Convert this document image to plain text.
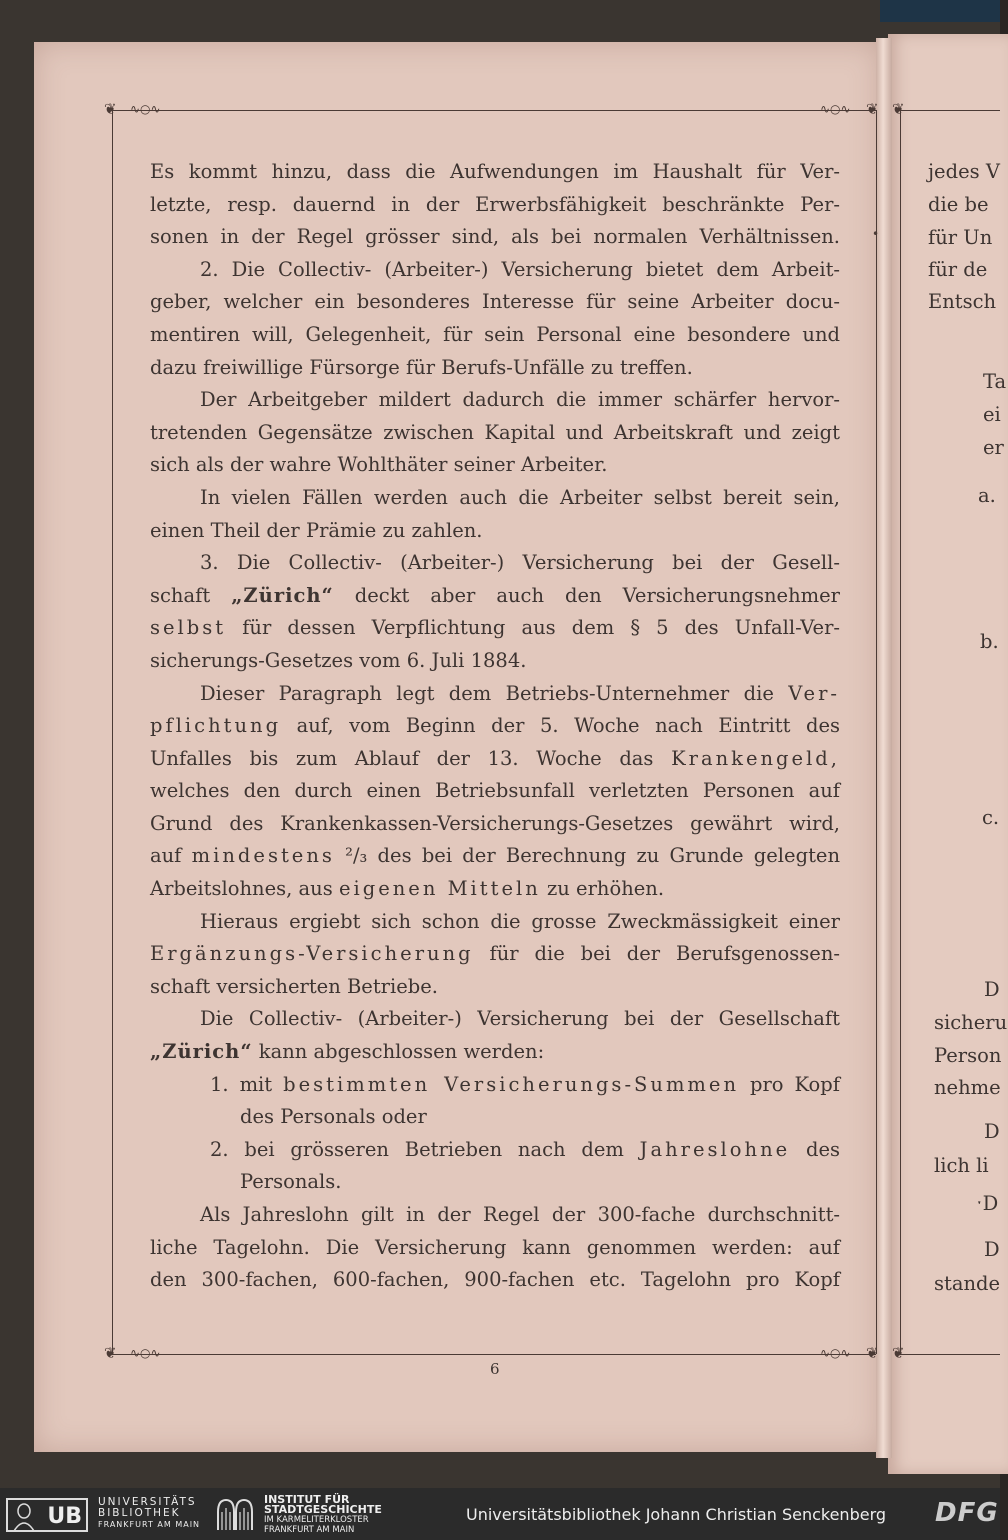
❦	❦
❦	❦
∿○∿	∿○∿
∿○∿	∿○∿
•
❦
❦
Es kommt hinzu, dass die Aufwendungen im Haushalt für Ver-
letzte, resp. dauernd in der Erwerbsfähigkeit beschränkte Per-
sonen in der Regel grösser sind, als bei normalen Verhältnissen.
2. Die Collectiv- (Arbeiter-) Versicherung bietet dem Arbeit-
geber, welcher ein besonderes Interesse für seine Arbeiter docu-
mentiren will, Gelegenheit, für sein Personal eine besondere und
dazu freiwillige Fürsorge für Berufs-Unfälle zu treffen.
Der Arbeitgeber mildert dadurch die immer schärfer hervor-
tretenden Gegensätze zwischen Kapital und Arbeitskraft und zeigt
sich als der wahre Wohlthäter seiner Arbeiter.
In vielen Fällen werden auch die Arbeiter selbst bereit sein,
einen Theil der Prämie zu zahlen.
3. Die Collectiv- (Arbeiter-) Versicherung bei der Gesell-
schaft „Zürich“ deckt aber auch den Versicherungsnehmer
selbst für dessen Verpflichtung aus dem § 5 des Unfall-Ver-
sicherungs-Gesetzes vom 6. Juli 1884.
Dieser Paragraph legt dem Betriebs-Unternehmer die Ver-
pflichtung auf, vom Beginn der 5. Woche nach Eintritt des
Unfalles bis zum Ablauf der 13. Woche das Krankengeld,
welches den durch einen Betriebsunfall verletzten Personen auf
Grund des Krankenkassen-Versicherungs-Gesetzes gewährt wird,
auf mindestens ²/₃ des bei der Berechnung zu Grunde gelegten
Arbeitslohnes, aus eigenen Mitteln zu erhöhen.
Hieraus ergiebt sich schon die grosse Zweckmässigkeit einer
Ergänzungs-Versicherung für die bei der Berufsgenossen-
schaft versicherten Betriebe.
Die Collectiv- (Arbeiter-) Versicherung bei der Gesellschaft
„Zürich“ kann abgeschlossen werden:
1. mit bestimmten Versicherungs-Summen pro Kopf
des Personals oder
2. bei grösseren Betrieben nach dem Jahreslohne des
Personals.
Als Jahreslohn gilt in der Regel der 300-fache durchschnitt-
liche Tagelohn. Die Versicherung kann genommen werden: auf
den 300-fachen, 600-fachen, 900-fachen etc. Tagelohn pro Kopf
6
jedes V
die be
für Un
für de
Entsch
Ta
ei
er
a.
b.
c.
D
sicheru
Person
nehme
D
lich li
ˑD
D
stande
UB
UNIVERSITÄTS
BIBLIOTHEK
FRANKFURT AM MAIN
INSTITUT FÜR
STADTGESCHICHTE
IM KARMELITERKLOSTER
FRANKFURT AM MAIN
Universitätsbibliothek Johann Christian Senckenberg DFG
